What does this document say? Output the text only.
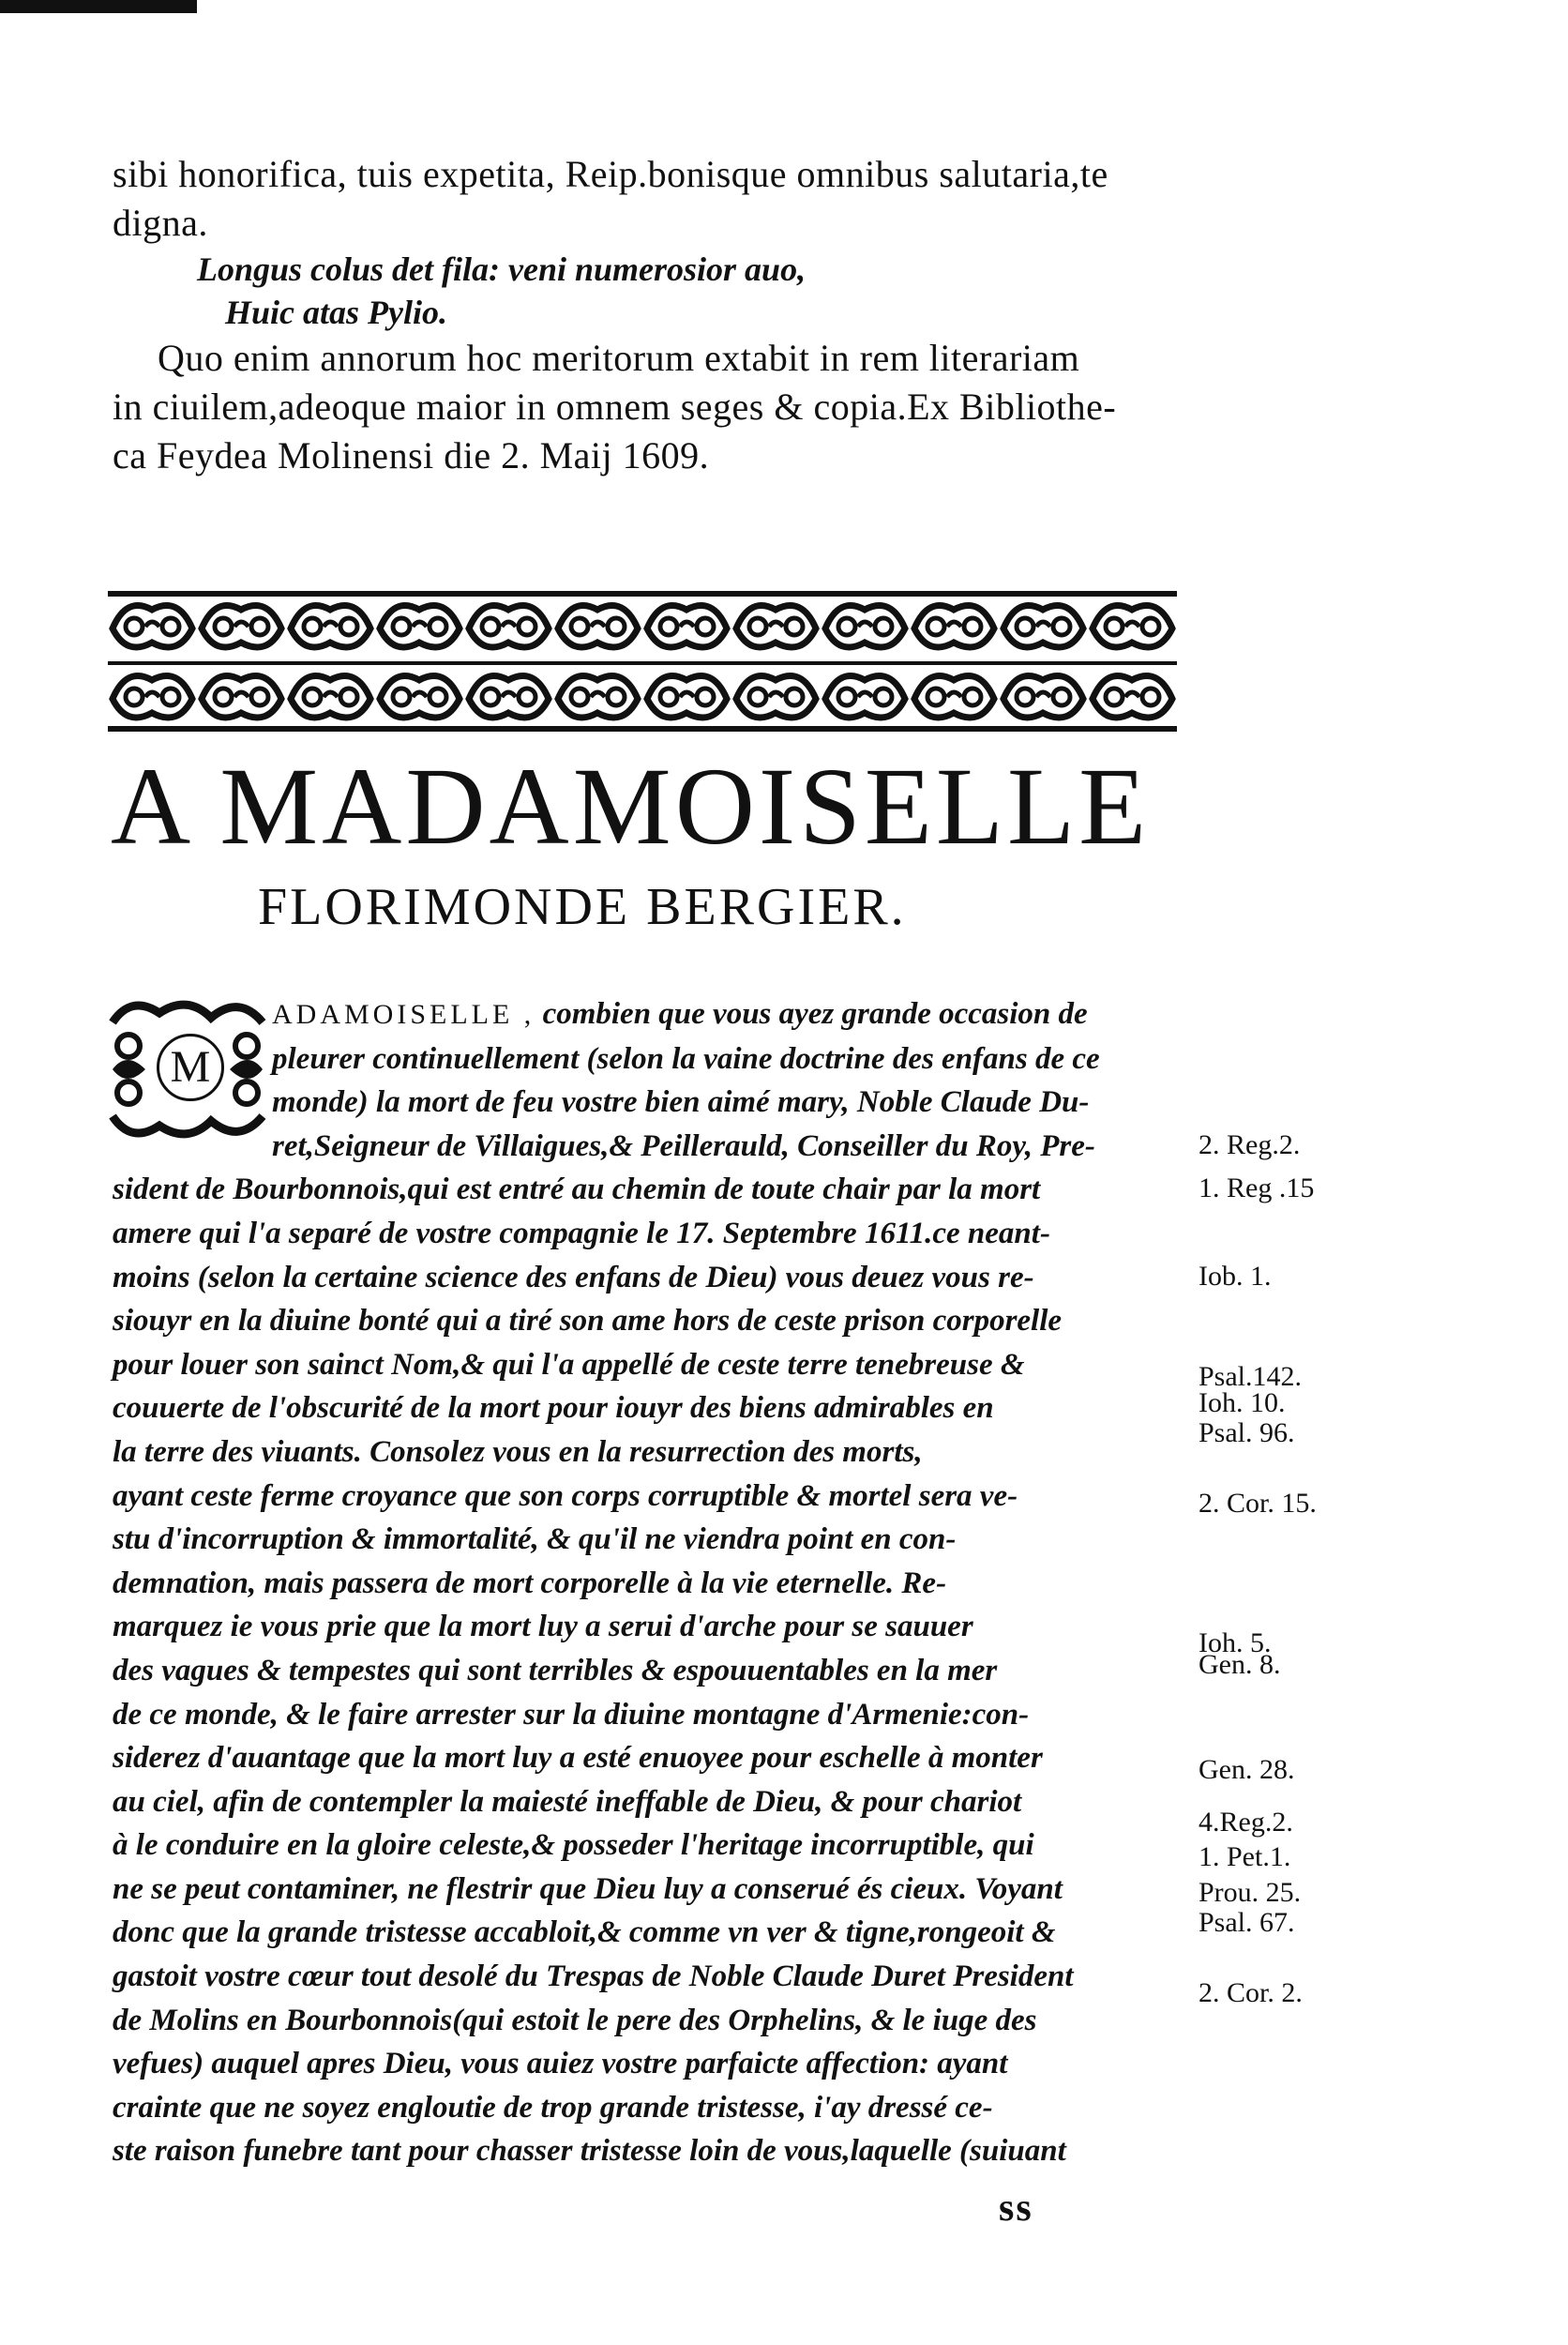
sibi honorifica, tuis expetita, Reip.bonisque omnibus salutaria,te
digna.
Longus colus det fila: veni numerosior auo,
Huic atas Pylio.
Quo enim annorum hoc meritorum extabit in rem literariam
in ciuilem,adeoque maior in omnem seges & copia.Ex Bibliothe-
ca Feydea Molinensi die 2. Maij 1609.
A MADAMOISELLE
FLORIMONDE BERGIER.
M
ADAMOISELLE , combien que vous ayez grande occasion de
pleurer continuellement (selon la vaine doctrine des enfans de ce
monde) la mort de feu vostre bien aimé mary, Noble Claude Du-
ret,Seigneur de Villaigues,& Peillerauld, Conseiller du Roy, Pre-
sident de Bourbonnois,qui est entré au chemin de toute chair par la mort
amere qui l'a separé de vostre compagnie le 17. Septembre 1611.ce neant-
moins (selon la certaine science des enfans de Dieu) vous deuez vous re-
siouyr en la diuine bonté qui a tiré son ame hors de ceste prison corporelle
pour louer son sainct Nom,& qui l'a appellé de ceste terre tenebreuse &
couuerte de l'obscurité de la mort pour iouyr des biens admirables en
la terre des viuants. Consolez vous en la resurrection des morts,
ayant ceste ferme croyance que son corps corruptible & mortel sera ve-
stu d'incorruption & immortalité, & qu'il ne viendra point en con-
demnation, mais passera de mort corporelle à la vie eternelle. Re-
marquez ie vous prie que la mort luy a serui d'arche pour se sauuer
des vagues & tempestes qui sont terribles & espouuentables en la mer
de ce monde, & le faire arrester sur la diuine montagne d'Armenie:con-
siderez d'auantage que la mort luy a esté enuoyee pour eschelle à monter
au ciel, afin de contempler la maiesté ineffable de Dieu, & pour chariot
à le conduire en la gloire celeste,& posseder l'heritage incorruptible, qui
ne se peut contaminer, ne flestrir que Dieu luy a conserué és cieux. Voyant
donc que la grande tristesse accabloit,& comme vn ver & tigne,rongeoit &
gastoit vostre cœur tout desolé du Trespas de Noble Claude Duret President
de Molins en Bourbonnois(qui estoit le pere des Orphelins, & le iuge des
vefues) auquel apres Dieu, vous auiez vostre parfaicte affection: ayant
crainte que ne soyez engloutie de trop grande tristesse, i'ay dressé ce-
ste raison funebre tant pour chasser tristesse loin de vous,laquelle (suiuant
2. Reg.2.
1. Reg .15
Iob. 1.
Psal.142.
Ioh. 10.
Psal. 96.
2. Cor. 15.
Ioh. 5.
Gen. 8.
Gen. 28.
4.Reg.2.
1. Pet.1.
Prou. 25.
Psal. 67.
2. Cor. 2.
ss
